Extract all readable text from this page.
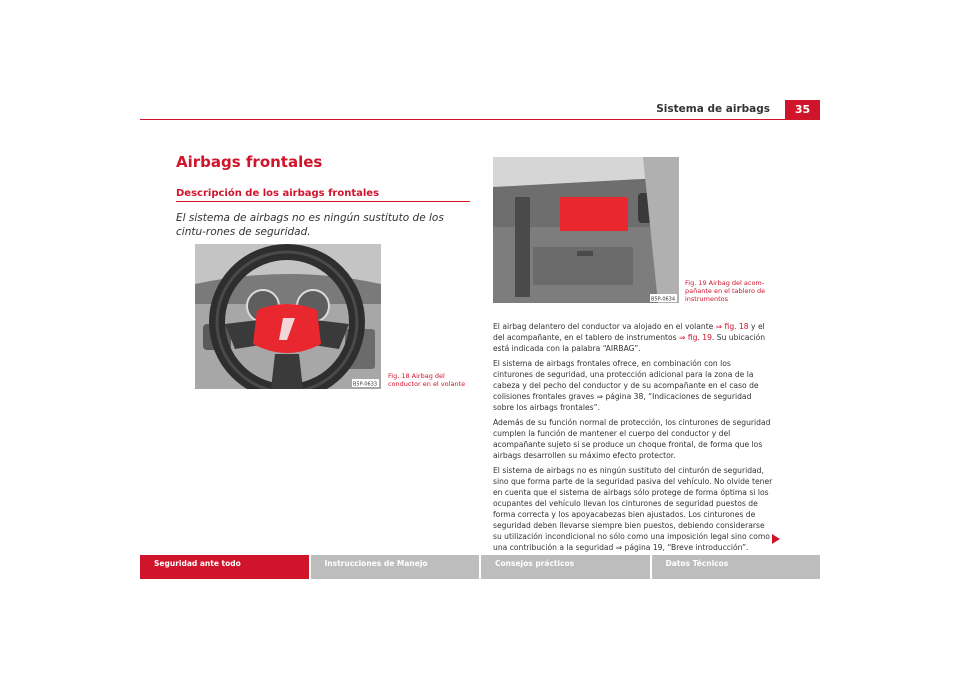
Sistema de airbags	35
Airbags frontales
Descripción de los airbags frontales
El sistema de airbags no es ningún sustituto de los cintu-rones de seguridad.
B5P-0633
Fig. 18 Airbag del conductor en el volante
B5P-0634
Fig. 19 Airbag del acom-pañante en el tablero de instrumentos

El airbag delantero del conductor va alojado en el volante ⇒ fig. 18 y el del acompañante, en el tablero de instrumentos ⇒ fig. 19. Su ubicación está indicada con la palabra “AIRBAG”.

El sistema de airbags frontales ofrece, en combinación con los cinturones de seguridad, una protección adicional para la zona de la cabeza y del pecho del conductor y de su acompañante en el caso de colisiones frontales graves ⇒ página 38, “Indicaciones de seguridad sobre los airbags frontales”.

Además de su función normal de protección, los cinturones de seguridad cumplen la función de mantener el cuerpo del conductor y del acompañante sujeto si se produce un choque frontal, de forma que los airbags desarrollen su máximo efecto protector.

El sistema de airbags no es ningún sustituto del cinturón de seguridad, sino que forma parte de la seguridad pasiva del vehículo. No olvide tener en cuenta que el sistema de airbags sólo protege de forma óptima si los ocupantes del vehículo llevan los cinturones de seguridad puestos de forma correcta y los apoyacabezas bien ajustados. Los cinturones de seguridad deben llevarse siempre bien puestos, debiendo considerarse su utilización incondicional no sólo como una imposición legal sino como una contribución a la seguridad ⇒ página 19, “Breve introducción”.

Seguridad ante todo	Instrucciones de Manejo	Consejos prácticos	Datos Técnicos
